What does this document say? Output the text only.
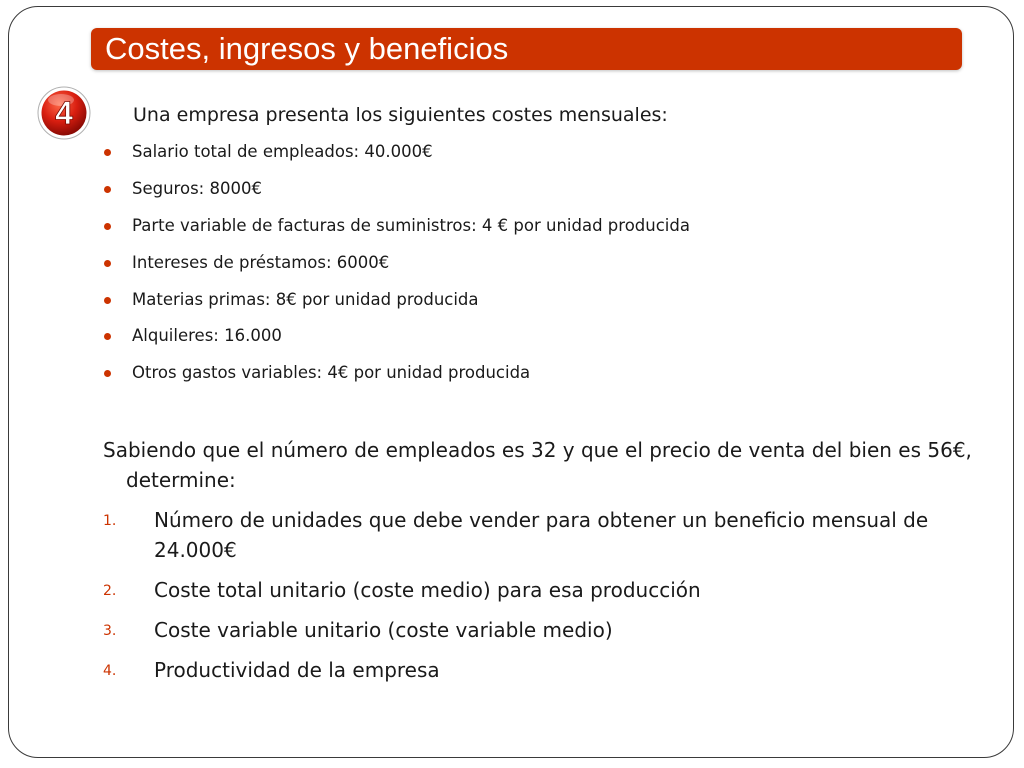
Costes, ingresos y beneficios
4	Una empresa presenta los siguientes costes mensuales:
Salario total de empleados: 40.000€
Seguros: 8000€
Parte variable de facturas de suministros: 4 € por unidad producida
Intereses de préstamos: 6000€
Materias primas: 8€ por unidad producida
Alquileres: 16.000
Otros gastos variables: 4€ por unidad producida

Sabiendo que el número de empleados es 32 y que el precio de venta del bien es 56€, determine:

1. Número de unidades que debe vender para obtener un beneficio mensual de 24.000€
2. Coste total unitario (coste medio) para esa producción
3. Coste variable unitario (coste variable medio)
4. Productividad de la empresa
